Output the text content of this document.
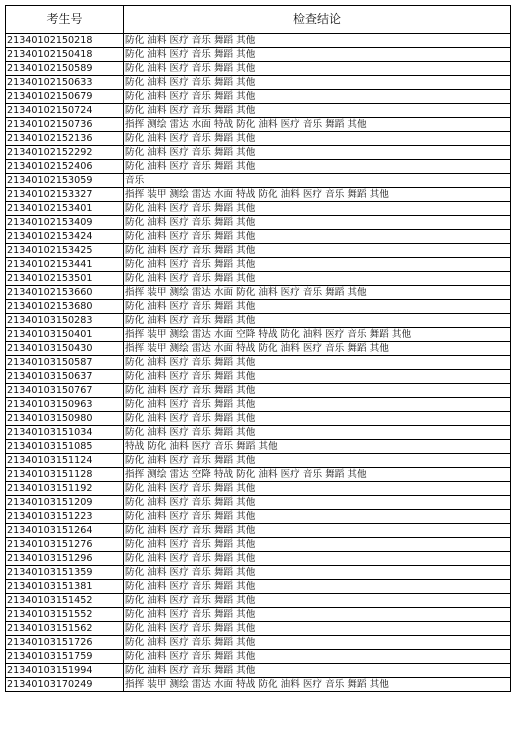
考生号	检查结论
21340102150218	防化 油料 医疗 音乐 舞蹈 其他
21340102150418	防化 油料 医疗 音乐 舞蹈 其他
21340102150589	防化 油料 医疗 音乐 舞蹈 其他
21340102150633	防化 油料 医疗 音乐 舞蹈 其他
21340102150679	防化 油料 医疗 音乐 舞蹈 其他
21340102150724	防化 油料 医疗 音乐 舞蹈 其他
21340102150736	指挥 测绘 雷达 水面 特战 防化 油料 医疗 音乐 舞蹈 其他
21340102152136	防化 油料 医疗 音乐 舞蹈 其他
21340102152292	防化 油料 医疗 音乐 舞蹈 其他
21340102152406	防化 油料 医疗 音乐 舞蹈 其他
21340102153059	音乐
21340102153327	指挥 装甲 测绘 雷达 水面 特战 防化 油料 医疗 音乐 舞蹈 其他
21340102153401	防化 油料 医疗 音乐 舞蹈 其他
21340102153409	防化 油料 医疗 音乐 舞蹈 其他
21340102153424	防化 油料 医疗 音乐 舞蹈 其他
21340102153425	防化 油料 医疗 音乐 舞蹈 其他
21340102153441	防化 油料 医疗 音乐 舞蹈 其他
21340102153501	防化 油料 医疗 音乐 舞蹈 其他
21340102153660	指挥 装甲 测绘 雷达 水面 防化 油料 医疗 音乐 舞蹈 其他
21340102153680	防化 油料 医疗 音乐 舞蹈 其他
21340103150283	防化 油料 医疗 音乐 舞蹈 其他
21340103150401	指挥 装甲 测绘 雷达 水面 空降 特战 防化 油料 医疗 音乐 舞蹈 其他
21340103150430	指挥 装甲 测绘 雷达 水面 特战 防化 油料 医疗 音乐 舞蹈 其他
21340103150587	防化 油料 医疗 音乐 舞蹈 其他
21340103150637	防化 油料 医疗 音乐 舞蹈 其他
21340103150767	防化 油料 医疗 音乐 舞蹈 其他
21340103150963	防化 油料 医疗 音乐 舞蹈 其他
21340103150980	防化 油料 医疗 音乐 舞蹈 其他
21340103151034	防化 油料 医疗 音乐 舞蹈 其他
21340103151085	特战 防化 油料 医疗 音乐 舞蹈 其他
21340103151124	防化 油料 医疗 音乐 舞蹈 其他
21340103151128	指挥 测绘 雷达 空降 特战 防化 油料 医疗 音乐 舞蹈 其他
21340103151192	防化 油料 医疗 音乐 舞蹈 其他
21340103151209	防化 油料 医疗 音乐 舞蹈 其他
21340103151223	防化 油料 医疗 音乐 舞蹈 其他
21340103151264	防化 油料 医疗 音乐 舞蹈 其他
21340103151276	防化 油料 医疗 音乐 舞蹈 其他
21340103151296	防化 油料 医疗 音乐 舞蹈 其他
21340103151359	防化 油料 医疗 音乐 舞蹈 其他
21340103151381	防化 油料 医疗 音乐 舞蹈 其他
21340103151452	防化 油料 医疗 音乐 舞蹈 其他
21340103151552	防化 油料 医疗 音乐 舞蹈 其他
21340103151562	防化 油料 医疗 音乐 舞蹈 其他
21340103151726	防化 油料 医疗 音乐 舞蹈 其他
21340103151759	防化 油料 医疗 音乐 舞蹈 其他
21340103151994	防化 油料 医疗 音乐 舞蹈 其他
21340103170249	指挥 装甲 测绘 雷达 水面 特战 防化 油料 医疗 音乐 舞蹈 其他
